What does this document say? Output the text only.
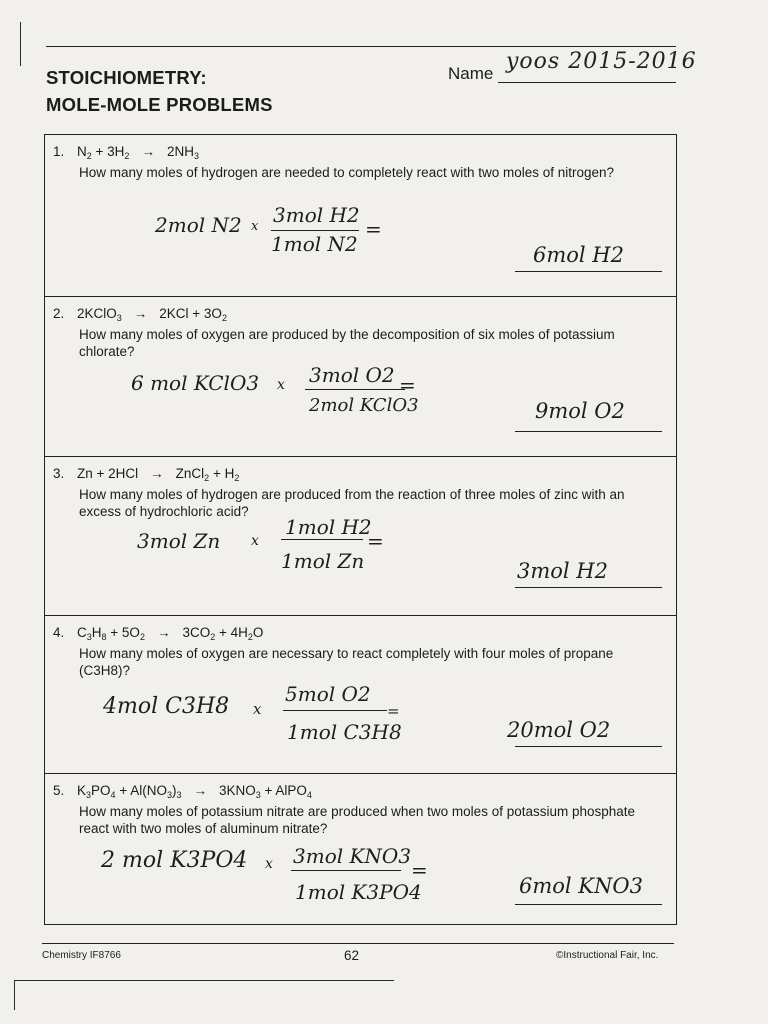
STOICHIOMETRY:
MOLE-MOLE PROBLEMS
Name yoos 2015-2016
1. $N_2 + 3H_2 \to 2NH_3$
How many moles of hydrogen are needed to completely react with two moles of nitrogen?
2mol N2 x 3mol H2
1mol N2
=
6mol H2
2. 2KClO$_3$ → $2KCl + 3O_2$
How many moles of oxygen are produced by the decomposition of six moles of potassium chlorate?
6 mol KClO3 x 3mol O2
2mol KClO3
=
9mol O2
3. Zn + 2HCl → ZnCl$_2$ + $H_2$
How many moles of hydrogen are produced from the reaction of three moles of zinc with an excess of hydrochloric acid?
3mol Zn x
1mol H2
1mol Zn
=
3mol H2
4. $C_3H_8 + 5O_2 \to 3CO_2 + 4H_2O$
How many moles of oxygen are necessary to react completely with four moles of propane (C3H8)?
4mol C3H8 x
5mol O2
1mol C3H8
=
20mol O2
5. $K_3PO_4 + Al(NO_3)_3 \to 3KNO_3$ + AlPO$_4$
How many moles of potassium nitrate are produced when two moles of potassium phosphate react with two moles of aluminum nitrate?
2 mol K3PO4 x 3mol KNO3
1mol K3PO4
=
6mol KNO3
Chemistry IF8766	62	©Instructional Fair, Inc.
